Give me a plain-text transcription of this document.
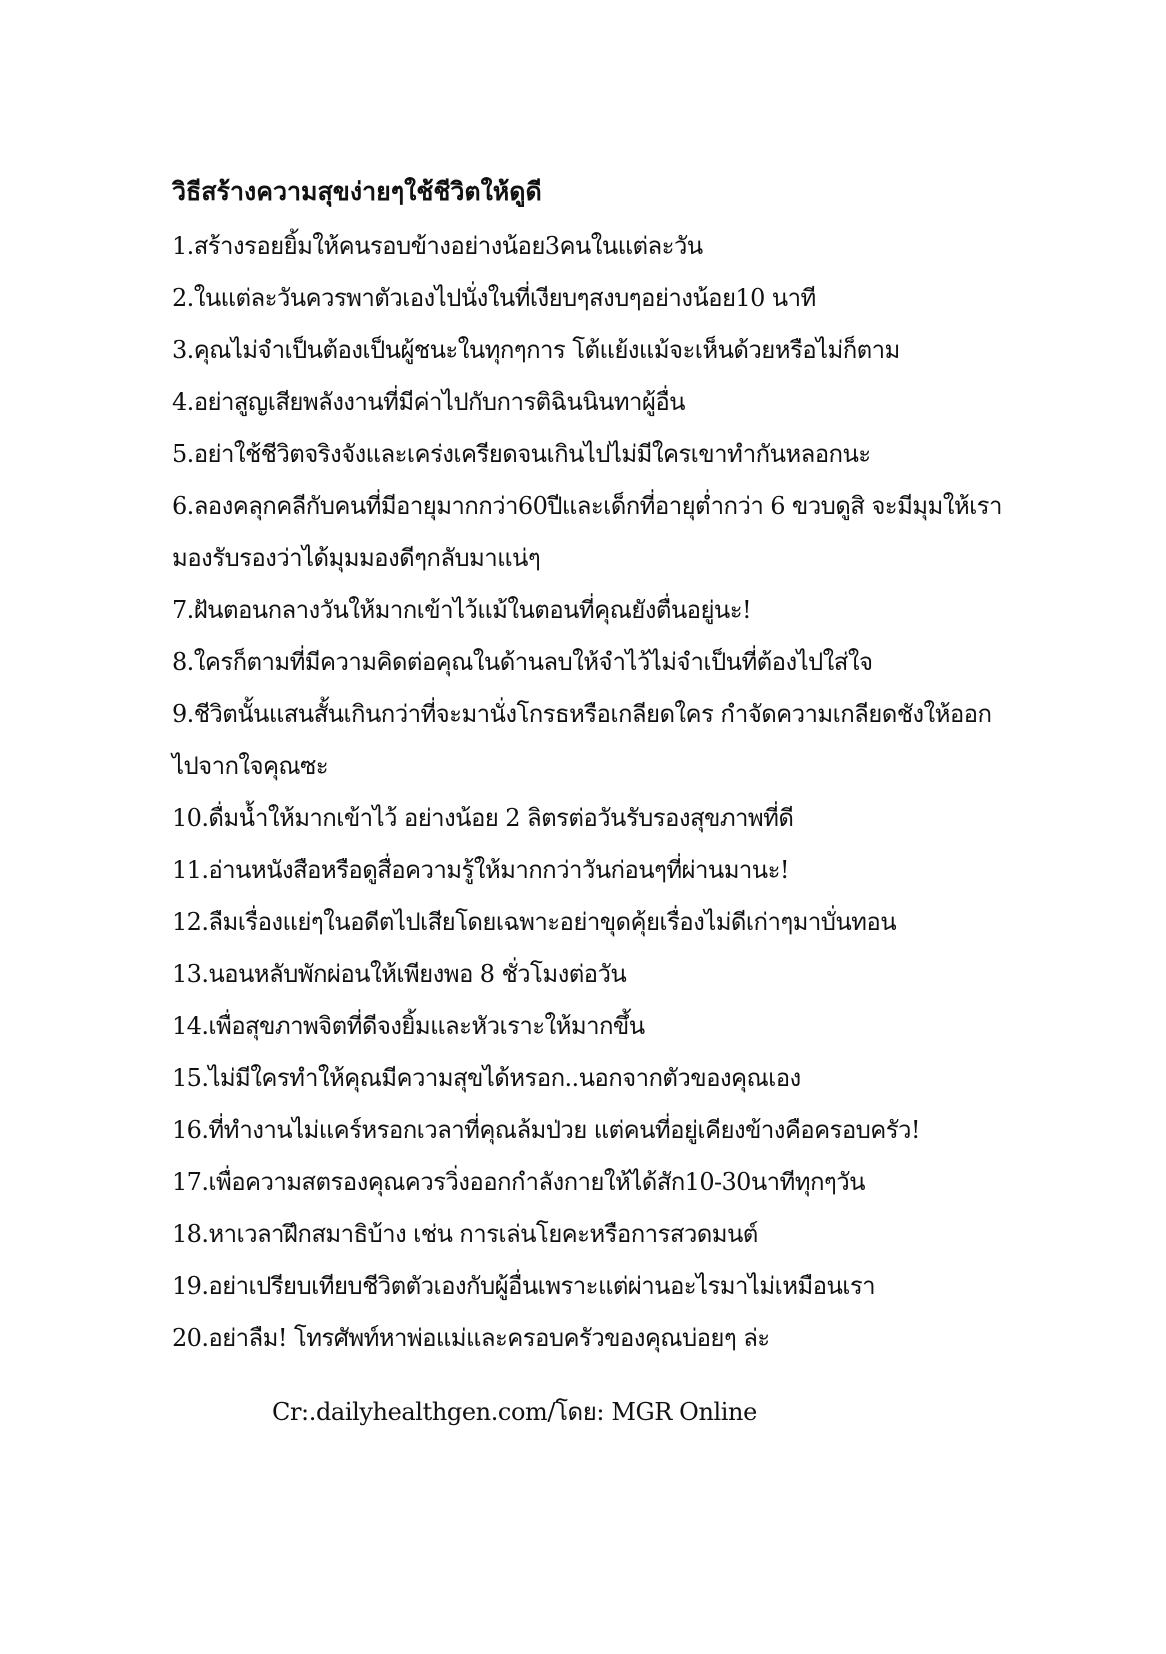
วิธีสร้างความสุขง่ายๆใช้ชีวิตให้ดูดี
1.สร้างรอยยิ้มให้คนรอบข้างอย่างน้อย3คนในแต่ละวัน
2.ในแต่ละวันควรพาตัวเองไปนั่งในที่เงียบๆสงบๆอย่างน้อย10 นาที
3.คุณไม่จำเป็นต้องเป็นผู้ชนะในทุกๆการ โต้แย้งแม้จะเห็นด้วยหรือไม่ก็ตาม
4.อย่าสูญเสียพลังงานที่มีค่าไปกับการติฉินนินทาผู้อื่น
5.อย่าใช้ชีวิตจริงจังและเคร่งเครียดจนเกินไปไม่มีใครเขาทำกันหลอกนะ
6.ลองคลุกคลีกับคนที่มีอายุมากกว่า60ปีและเด็กที่อายุต่ำกว่า 6 ขวบดูสิ จะมีมุมให้เรามองรับรองว่าได้มุมมองดีๆกลับมาแน่ๆ
7.ฝันตอนกลางวันให้มากเข้าไว้แม้ในตอนที่คุณยังตื่นอยู่นะ!
8.ใครก็ตามที่มีความคิดต่อคุณในด้านลบให้จำไว้ไม่จำเป็นที่ต้องไปใส่ใจ
9.ชีวิตนั้นแสนสั้นเกินกว่าที่จะมานั่งโกรธหรือเกลียดใคร กำจัดความเกลียดชังให้ออกไปจากใจคุณซะ
10.ดื่มน้ำให้มากเข้าไว้ อย่างน้อย 2 ลิตรต่อวันรับรองสุขภาพที่ดี
11.อ่านหนังสือหรือดูสื่อความรู้ให้มากกว่าวันก่อนๆที่ผ่านมานะ!
12.ลืมเรื่องแย่ๆในอดีตไปเสียโดยเฉพาะอย่าขุดคุ้ยเรื่องไม่ดีเก่าๆมาบั่นทอน
13.นอนหลับพักผ่อนให้เพียงพอ 8 ชั่วโมงต่อวัน
14.เพื่อสุขภาพจิตที่ดีจงยิ้มและหัวเราะให้มากขึ้น
15.ไม่มีใครทำให้คุณมีความสุขได้หรอก..นอกจากตัวของคุณเอง
16.ที่ทำงานไม่แคร์หรอกเวลาที่คุณล้มป่วย แต่คนที่อยู่เคียงข้างคือครอบครัว!
17.เพื่อความสตรองคุณควรวิ่งออกกำลังกายให้ได้สัก10-30นาทีทุกๆวัน
18.หาเวลาฝึกสมาธิบ้าง เช่น การเล่นโยคะหรือการสวดมนต์
19.อย่าเปรียบเทียบชีวิตตัวเองกับผู้อื่นเพราะแต่ผ่านอะไรมาไม่เหมือนเรา
20.อย่าลืม! โทรศัพท์หาพ่อแม่และครอบครัวของคุณบ่อยๆ ล่ะ
Cr:.dailyhealthgen.com/โดย: MGR Online
